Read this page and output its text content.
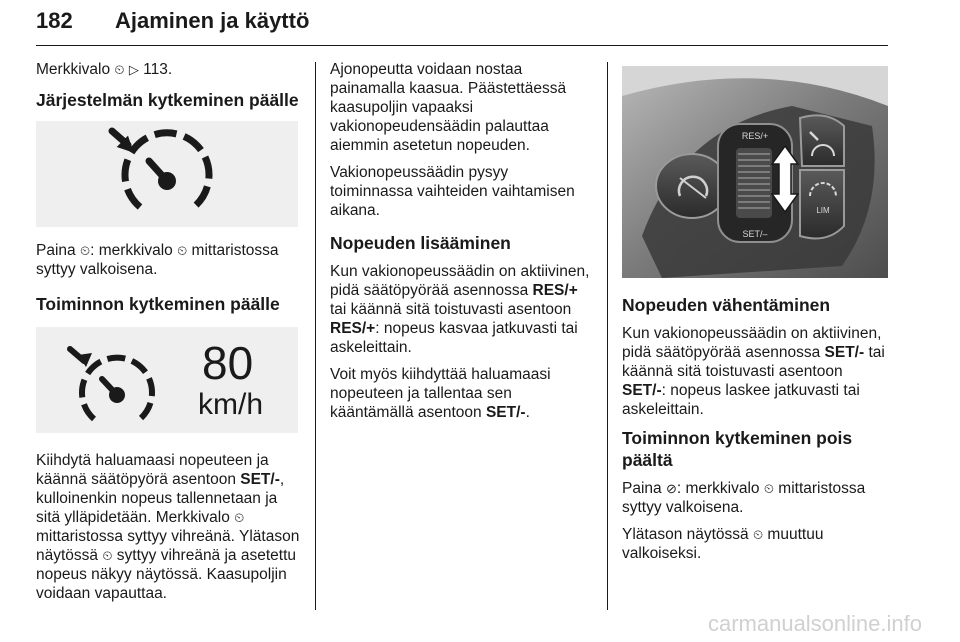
182 Ajaminen ja käyttö

Merkkivalo ⏲ ▷ 113.

Järjestelmän kytkeminen päälle

Paina ⏲: merkkivalo ⏲ mittaristossa syttyy valkoisena.

Toiminnon kytkeminen päälle
80
km/h

Kiihdytä haluamaasi nopeuteen ja käännä säätöpyörä asentoon SET/-, kulloinenkin nopeus tallennetaan ja sitä ylläpidetään. Merkkivalo ⏲ mittaristossa syttyy vihreänä. Ylätason näytössä ⏲ syttyy vihreänä ja asetettu nopeus näkyy näytössä. Kaasupoljin voidaan vapauttaa.

Ajonopeutta voidaan nostaa painamalla kaasua. Päästettäessä kaasupoljin vapaaksi vakionopeudensäädin palauttaa aiemmin asetetun nopeuden.

Vakionopeussäädin pysyy toiminnassa vaihteiden vaihtamisen aikana.

Nopeuden lisääminen

Kun vakionopeussäädin on aktiivinen, pidä säätöpyörää asennossa RES/+ tai käännä sitä toistuvasti asentoon RES/+: nopeus kasvaa jatkuvasti tai askeleittain.

Voit myös kiihdyttää haluamaasi nopeuteen ja tallentaa sen kääntämällä asentoon SET/-.

RES/+
SET/–
LIM
Nopeuden vähentäminen

Kun vakionopeussäädin on aktiivinen, pidä säätöpyörää asennossa SET/- tai käännä sitä toistuvasti asentoon SET/-: nopeus laskee jatkuvasti tai askeleittain.

Toiminnon kytkeminen pois päältä

Paina ⊘: merkkivalo ⏲ mittaristossa syttyy valkoisena.

Ylätason näytössä ⏲ muuttuu valkoiseksi.

carmanualsonline.info
